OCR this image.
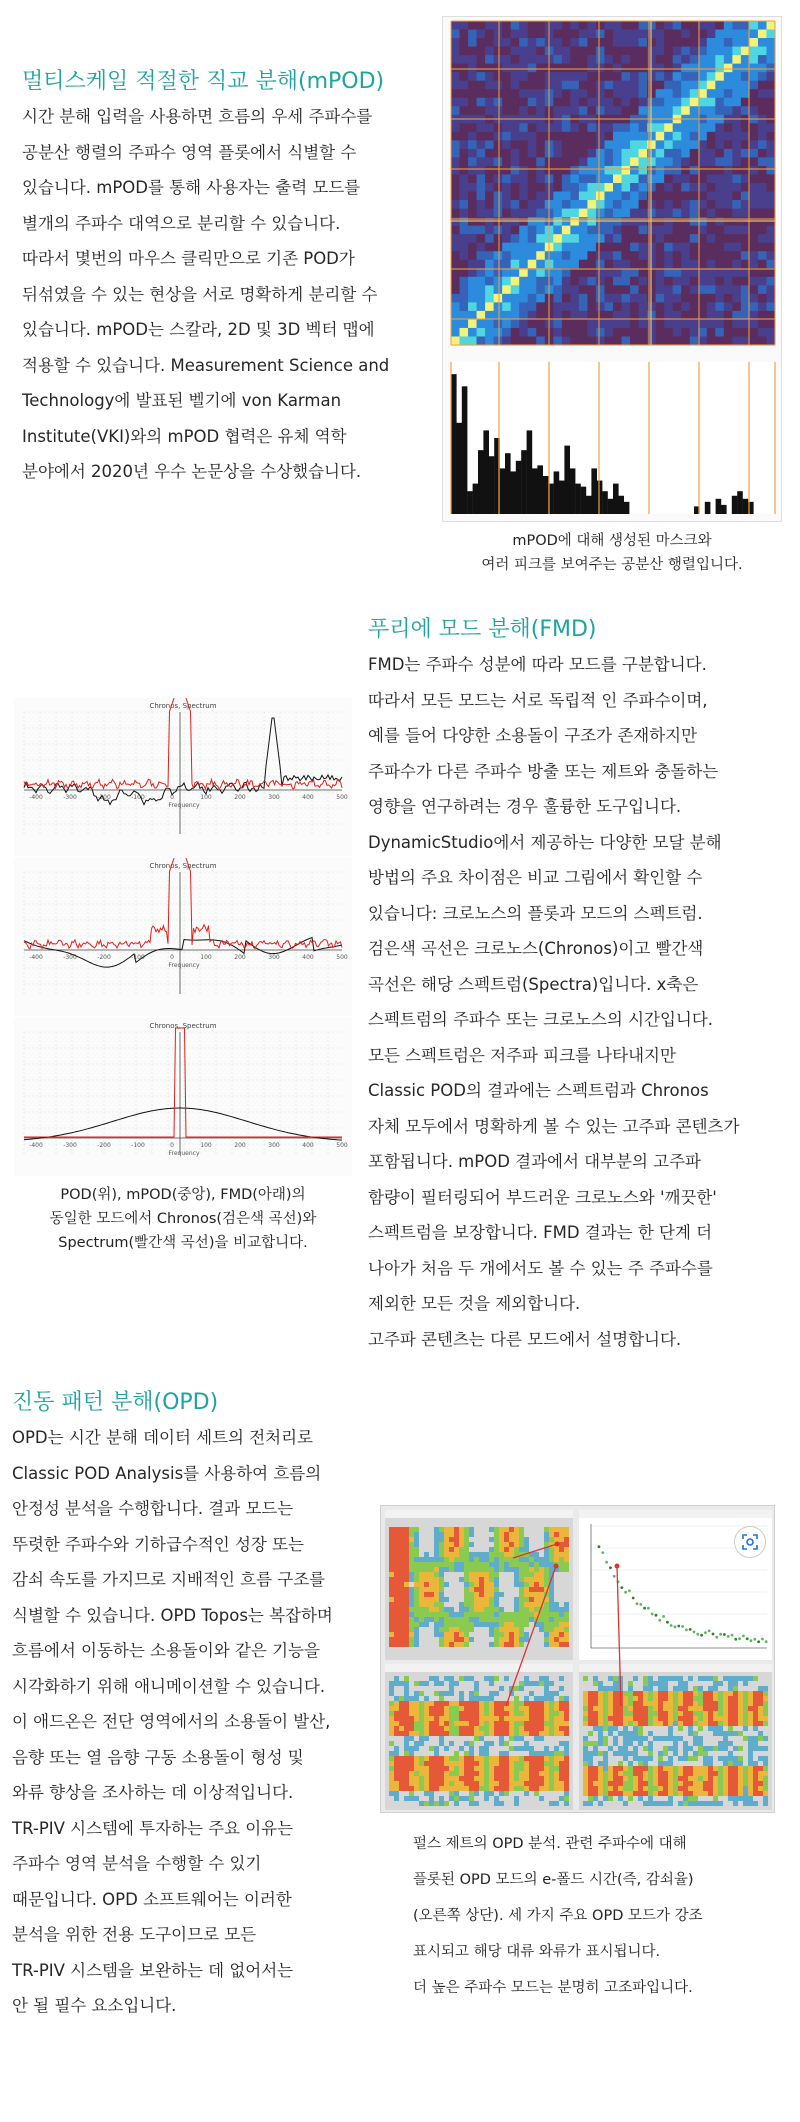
멀티스케일 적절한 직교 분해(mPOD)
시간 분해 입력을 사용하면 흐름의 우세 주파수를
공분산 행렬의 주파수 영역 플롯에서 식별할 수
있습니다. mPOD를 통해 사용자는 출력 모드를
별개의 주파수 대역으로 분리할 수 있습니다.
따라서 몇번의 마우스 클릭만으로 기존 POD가
뒤섞였을 수 있는 현상을 서로 명확하게 분리할 수
있습니다. mPOD는 스칼라, 2D 및 3D 벡터 맵에
적용할 수 있습니다. Measurement Science and
Technology에 발표된 벨기에 von Karman
Institute(VKI)와의 mPOD 협력은 유체 역학
분야에서 2020년 우수 논문상을 수상했습니다.
mPOD에 대해 생성된 마스크와
여러 피크를 보여주는 공분산 행렬입니다.
푸리에 모드 분해(FMD)
FMD는 주파수 성분에 따라 모드를 구분합니다.
따라서 모든 모드는 서로 독립적 인 주파수이며,
예를 들어 다양한 소용돌이 구조가 존재하지만
주파수가 다른 주파수 방출 또는 제트와 충돌하는
영향을 연구하려는 경우 훌륭한 도구입니다.
DynamicStudio에서 제공하는 다양한 모달 분해
방법의 주요 차이점은 비교 그림에서 확인할 수
있습니다: 크로노스의 플롯과 모드의 스펙트럼.
검은색 곡선은 크로노스(Chronos)이고 빨간색
곡선은 해당 스펙트럼(Spectra)입니다. x축은
스펙트럼의 주파수 또는 크로노스의 시간입니다.
모든 스펙트럼은 저주파 피크를 나타내지만
Classic POD의 결과에는 스펙트럼과 Chronos
자체 모두에서 명확하게 볼 수 있는 고주파 콘텐츠가
포함됩니다. mPOD 결과에서 대부분의 고주파
함량이 필터링되어 부드러운 크로노스와 '깨끗한'
스펙트럼을 보장합니다. FMD 결과는 한 단계 더
나아가 처음 두 개에서도 볼 수 있는 주 주파수를
제외한 모든 것을 제외합니다.
고주파 콘텐츠는 다른 모드에서 설명합니다.
Chronos, Spectrum
-400	-300	-200	-100	0	100	200	300	400	500
Frequency
Chronos, Spectrum
-400	-300	-200	-100	0	100	200	300	400	500
Frequency
Chronos, Spectrum
-400	-300	-200	-100	0	100	200	300	400	500
Frequency
POD(위), mPOD(중앙), FMD(아래)의
동일한 모드에서 Chronos(검은색 곡선)와
Spectrum(빨간색 곡선)을 비교합니다.
진동 패턴 분해(OPD)
OPD는 시간 분해 데이터 세트의 전처리로
Classic POD Analysis를 사용하여 흐름의
안정성 분석을 수행합니다. 결과 모드는
뚜렷한 주파수와 기하급수적인 성장 또는
감쇠 속도를 가지므로 지배적인 흐름 구조를
식별할 수 있습니다. OPD Topos는 복잡하며
흐름에서 이동하는 소용돌이와 같은 기능을
시각화하기 위해 애니메이션할 수 있습니다.
이 애드온은 전단 영역에서의 소용돌이 발산,
음향 또는 열 음향 구동 소용돌이 형성 및
와류 향상을 조사하는 데 이상적입니다.
TR-PIV 시스템에 투자하는 주요 이유는
주파수 영역 분석을 수행할 수 있기
때문입니다. OPD 소프트웨어는 이러한
분석을 위한 전용 도구이므로 모든
TR-PIV 시스템을 보완하는 데 없어서는
안 될 필수 요소입니다.
펄스 제트의 OPD 분석. 관련 주파수에 대해
플롯된 OPD 모드의 e-폴드 시간(즉, 감쇠율)
(오른쪽 상단). 세 가지 주요 OPD 모드가 강조
표시되고 해당 대류 와류가 표시됩니다.
더 높은 주파수 모드는 분명히 고조파입니다.
